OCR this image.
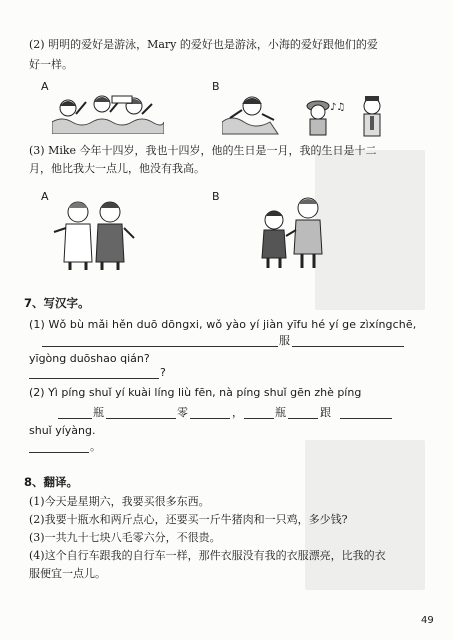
(2) 明明的爱好是游泳，Mary 的爱好也是游泳，小海的爱好跟他们的爱
好一样。
A	B
♪♫
(3) Mike 今年十四岁，我也十四岁，他的生日是一月，我的生日是十二
月，他比我大一点儿，他没有我高。
A	B
7、写汉字。
(1) Wǒ bù mǎi hěn duō dōngxi, wǒ yào yí jiàn yīfu hé yí ge zìxíngchē,
服
yīgòng duōshao qián?
?
(2) Yì píng shuǐ yí kuài líng liù fēn, nà píng shuǐ gēn zhè píng
瓶	零	，	瓶	跟
shuǐ yíyàng.
。
8、翻译。
(1)今天是星期六，我要买很多东西。
(2)我要十瓶水和两斤点心，还要买一斤牛猪肉和一只鸡，多少钱?
(3)一共九十七块八毛零六分，不很贵。
(4)这个自行车跟我的自行车一样，那件衣服没有我的衣服漂亮，比我的衣
服便宜一点儿。
49
